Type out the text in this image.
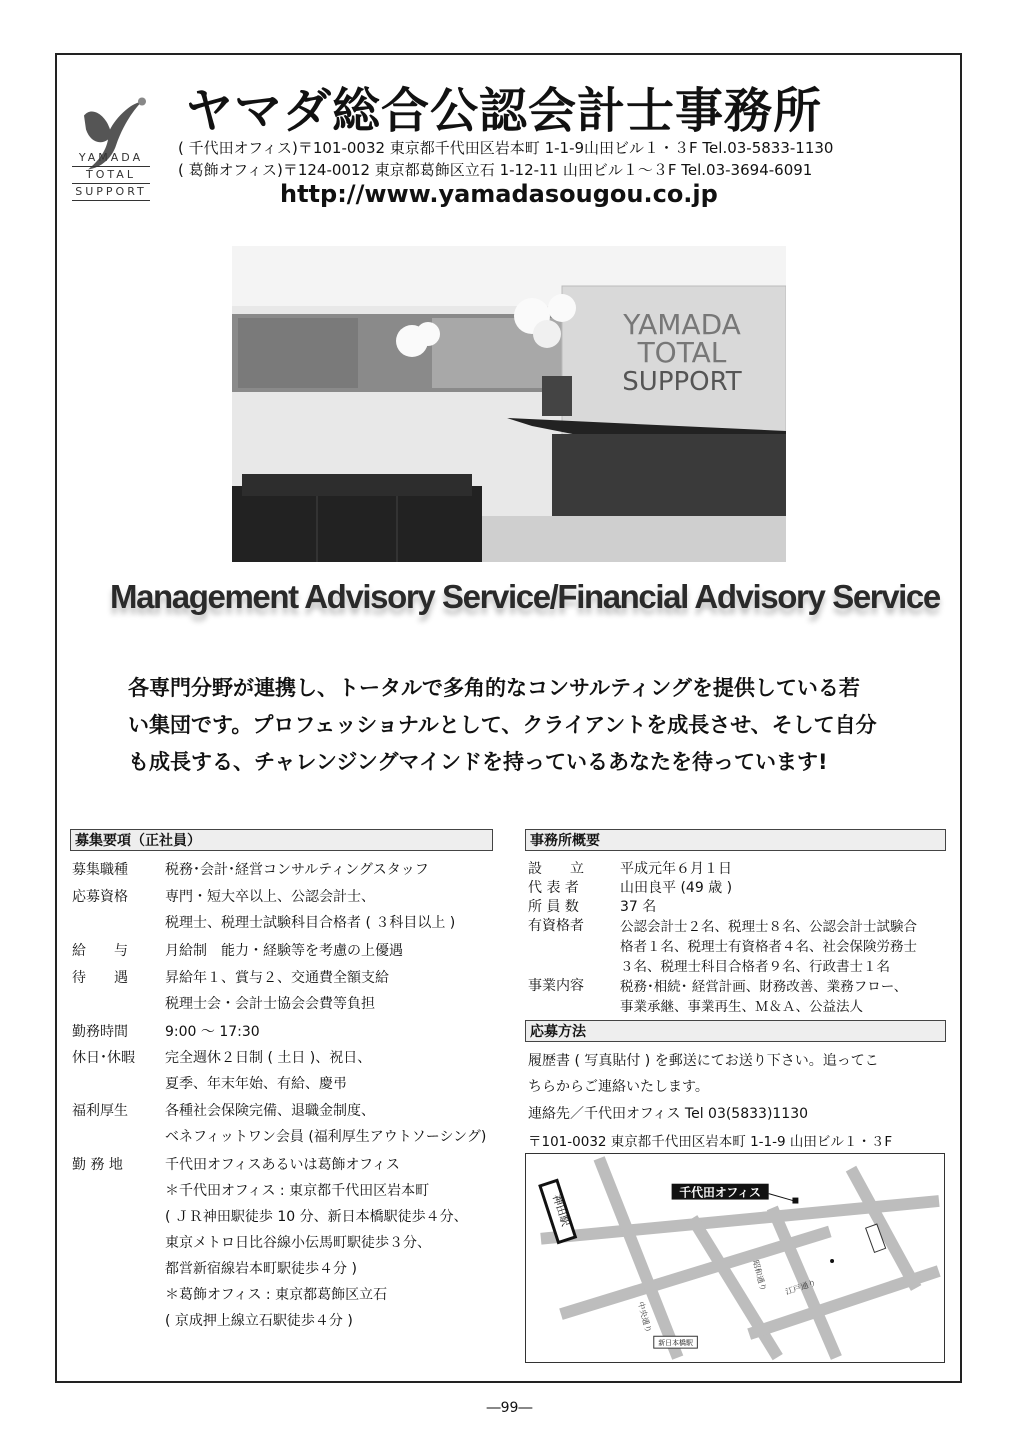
YAMADA
TOTAL
SUPPORT
ヤマダ総合公認会計士事務所
( 千代田オフィス)〒101-0032 東京都千代田区岩本町 1-1-9山田ビル１・３F Tel.03-5833-1130
( 葛飾オフィス)〒124-0012 東京都葛飾区立石 1-12-11 山田ビル１～３F Tel.03-3694-6091
http://www.yamadasougou.co.jp
YAMADA
TOTAL
SUPPORT
Management Advisory Service/Financial Advisory Service
各専門分野が連携し、トータルで多角的なコンサルティングを提供している若
い集団です。プロフェッショナルとして、クライアントを成長させ、そして自分
も成長する、チャレンジングマインドを持っているあなたを待っています!
募集要項（正社員）
募集職種	税務･会計･経営コンサルティングスタッフ
応募資格	専門・短大卒以上、公認会計士、
税理士、税理士試験科目合格者 ( ３科目以上 )
給　　与	月給制　能力・経験等を考慮の上優遇
待　　遇	昇給年１、賞与２、交通費全額支給
税理士会・会計士協会会費等負担
勤務時間	9:00 ～ 17:30
休日･休暇 完全週休２日制 ( 土日 )、祝日、
夏季、年末年始、有給、慶弔
福利厚生	各種社会保険完備、退職金制度、
ベネフィットワン会員 (福利厚生アウトソーシング)
勤 務 地	千代田オフィスあるいは葛飾オフィス
＊千代田オフィス : 東京都千代田区岩本町
( ＪＲ神田駅徒歩 10 分、新日本橋駅徒歩４分、
東京メトロ日比谷線小伝馬町駅徒歩３分、
都営新宿線岩本町駅徒歩４分 )
＊葛飾オフィス : 東京都葛飾区立石
( 京成押上線立石駅徒歩４分 )
事務所概要
設　　立	平成元年６月１日
代 表 者	山田良平 (49 歳 )
所 員 数	37 名
有資格者	公認会計士２名、税理士８名、公認会計士試験合
格者１名、税理士有資格者４名、社会保険労務士
３名、税理士科目合格者９名、行政書士１名
事業内容	税務･相続･ 経営計画、財務改善、業務フロー、
事業承継、事業再生、Ｍ＆Ａ、公益法人
応募方法
履歴書 ( 写真貼付 ) を郵送にてお送り下さい。追ってこ
ちらからご連絡いたします。
連絡先／千代田オフィス Tel 03(5833)1130
〒101-0032 東京都千代田区岩本町 1-1-9 山田ビル１・３F
神田駅
千代田オフィス
昭和通り 江戸通り
中央通り
新日本橋駅
―99―
